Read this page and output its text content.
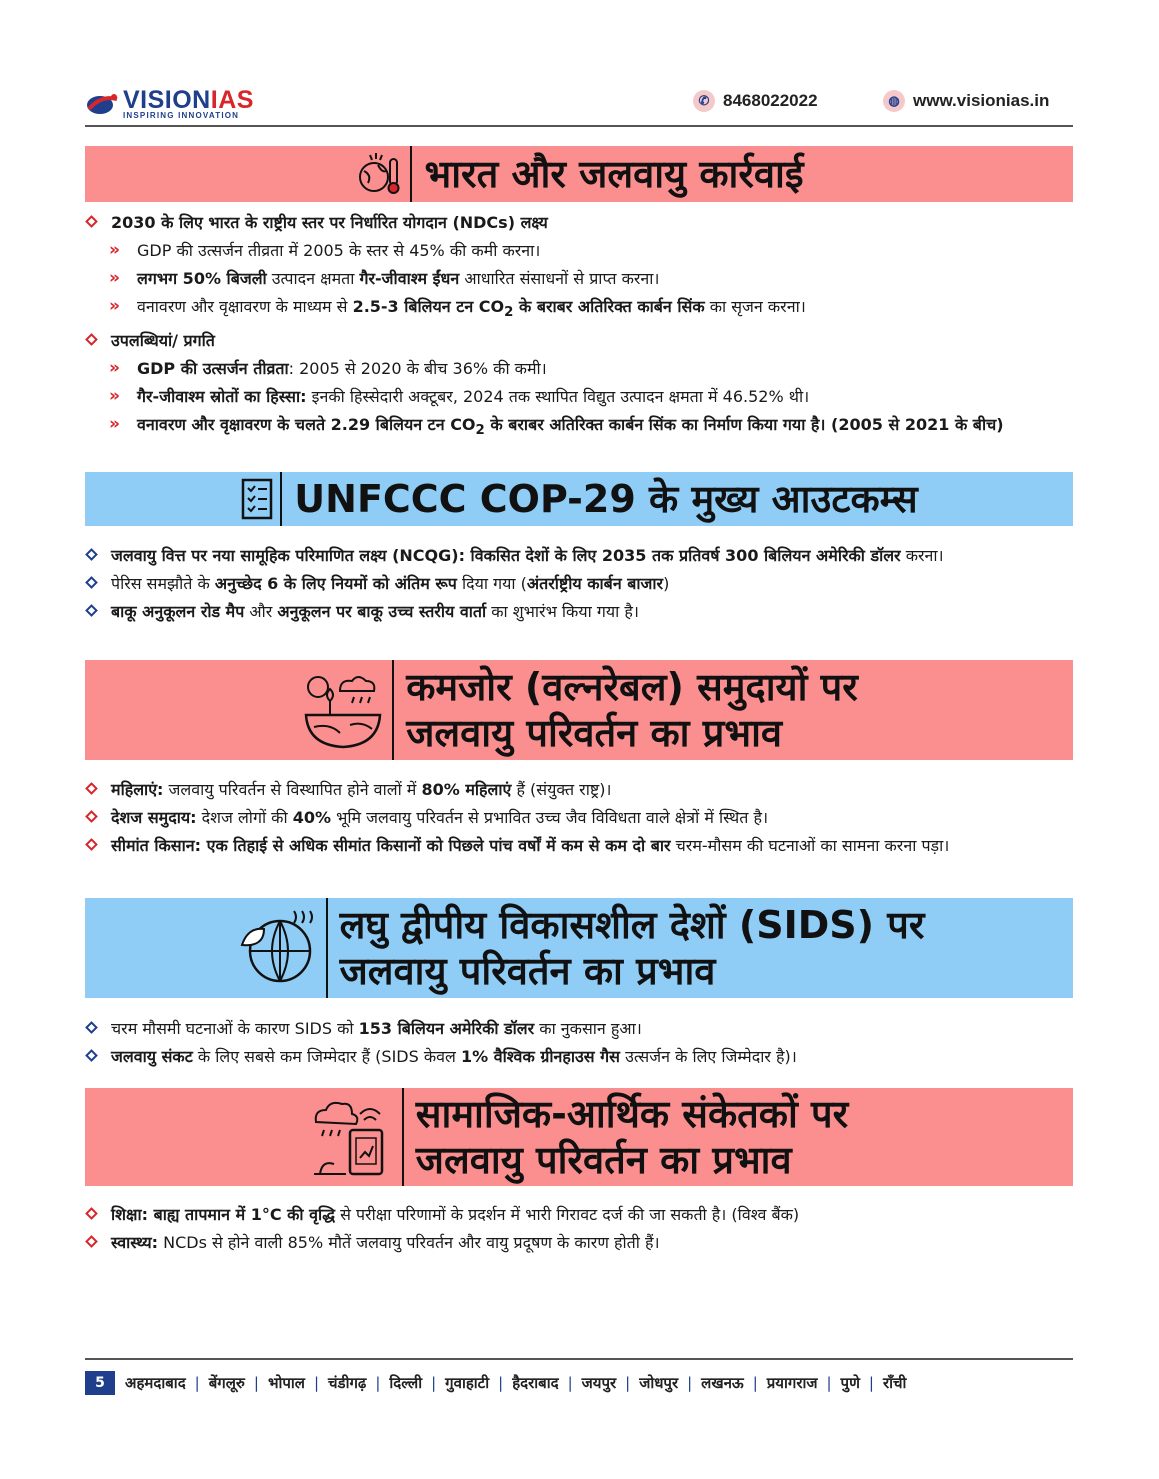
VISIONIAS
INSPIRING INNOVATION
✆ 8468022022	◍ www.visionias.in
भारत और जलवायु कार्रवाई
2030 के लिए भारत के राष्ट्रीय स्तर पर निर्धारित योगदान (NDCs) लक्ष्य
» GDP की उत्सर्जन तीव्रता में 2005 के स्तर से 45% की कमी करना।
» लगभग 50% बिजली उत्पादन क्षमता गैर-जीवाश्म ईंधन आधारित संसाधनों से प्राप्त करना।
» वनावरण और वृक्षावरण के माध्यम से 2.5-3 बिलियन टन $CO_2$ के बराबर अतिरिक्त कार्बन सिंक का सृजन करना।
उपलब्धियां/ प्रगति
» GDP की उत्सर्जन तीव्रता: 2005 से 2020 के बीच 36% की कमी।
» गैर-जीवाश्म स्रोतों का हिस्सा: इनकी हिस्सेदारी अक्टूबर, 2024 तक स्थापित विद्युत उत्पादन क्षमता में 46.52% थी।
» वनावरण और वृक्षावरण के चलते 2.29 बिलियन टन $CO_2$ के बराबर अतिरिक्त कार्बन सिंक का निर्माण किया गया है। (2005 से 2021 के बीच)
UNFCCC COP-29 के मुख्य आउटकम्स
जलवायु वित्त पर नया सामूहिक परिमाणित लक्ष्य (NCQG): विकसित देशों के लिए 2035 तक प्रतिवर्ष 300 बिलियन अमेरिकी डॉलर करना।
पेरिस समझौते के अनुच्छेद 6 के लिए नियमों को अंतिम रूप दिया गया (अंतर्राष्ट्रीय कार्बन बाजार)
बाकू अनुकूलन रोड मैप और अनुकूलन पर बाकू उच्च स्तरीय वार्ता का शुभारंभ किया गया है।
कमजोर (वल्नरेबल) समुदायों पर
जलवायु परिवर्तन का प्रभाव
महिलाएं: जलवायु परिवर्तन से विस्थापित होने वालों में 80% महिलाएं हैं (संयुक्त राष्ट्र)।
देशज समुदाय: देशज लोगों की 40% भूमि जलवायु परिवर्तन से प्रभावित उच्च जैव विविधता वाले क्षेत्रों में स्थित है।
सीमांत किसान: एक तिहाई से अधिक सीमांत किसानों को पिछले पांच वर्षों में कम से कम दो बार चरम-मौसम की घटनाओं का सामना करना पड़ा।
लघु द्वीपीय विकासशील देशों (SIDS) पर
जलवायु परिवर्तन का प्रभाव
चरम मौसमी घटनाओं के कारण SIDS को 153 बिलियन अमेरिकी डॉलर का नुकसान हुआ।
जलवायु संकट के लिए सबसे कम जिम्मेदार हैं (SIDS केवल 1% वैश्विक ग्रीनहाउस गैस उत्सर्जन के लिए जिम्मेदार है)।
सामाजिक-आर्थिक संकेतकों पर
जलवायु परिवर्तन का प्रभाव
शिक्षा: बाह्य तापमान में 1°C की वृद्धि से परीक्षा परिणामों के प्रदर्शन में भारी गिरावट दर्ज की जा सकती है। (विश्व बैंक)
स्वास्थ्य: NCDs से होने वाली 85% मौतें जलवायु परिवर्तन और वायु प्रदूषण के कारण होती हैं।
5	अहमदाबाद | बेंगलूरु | भोपाल | चंडीगढ़ | दिल्ली | गुवाहाटी | हैदराबाद | जयपुर | जोधपुर | लखनऊ | प्रयागराज | पुणे | राँची
